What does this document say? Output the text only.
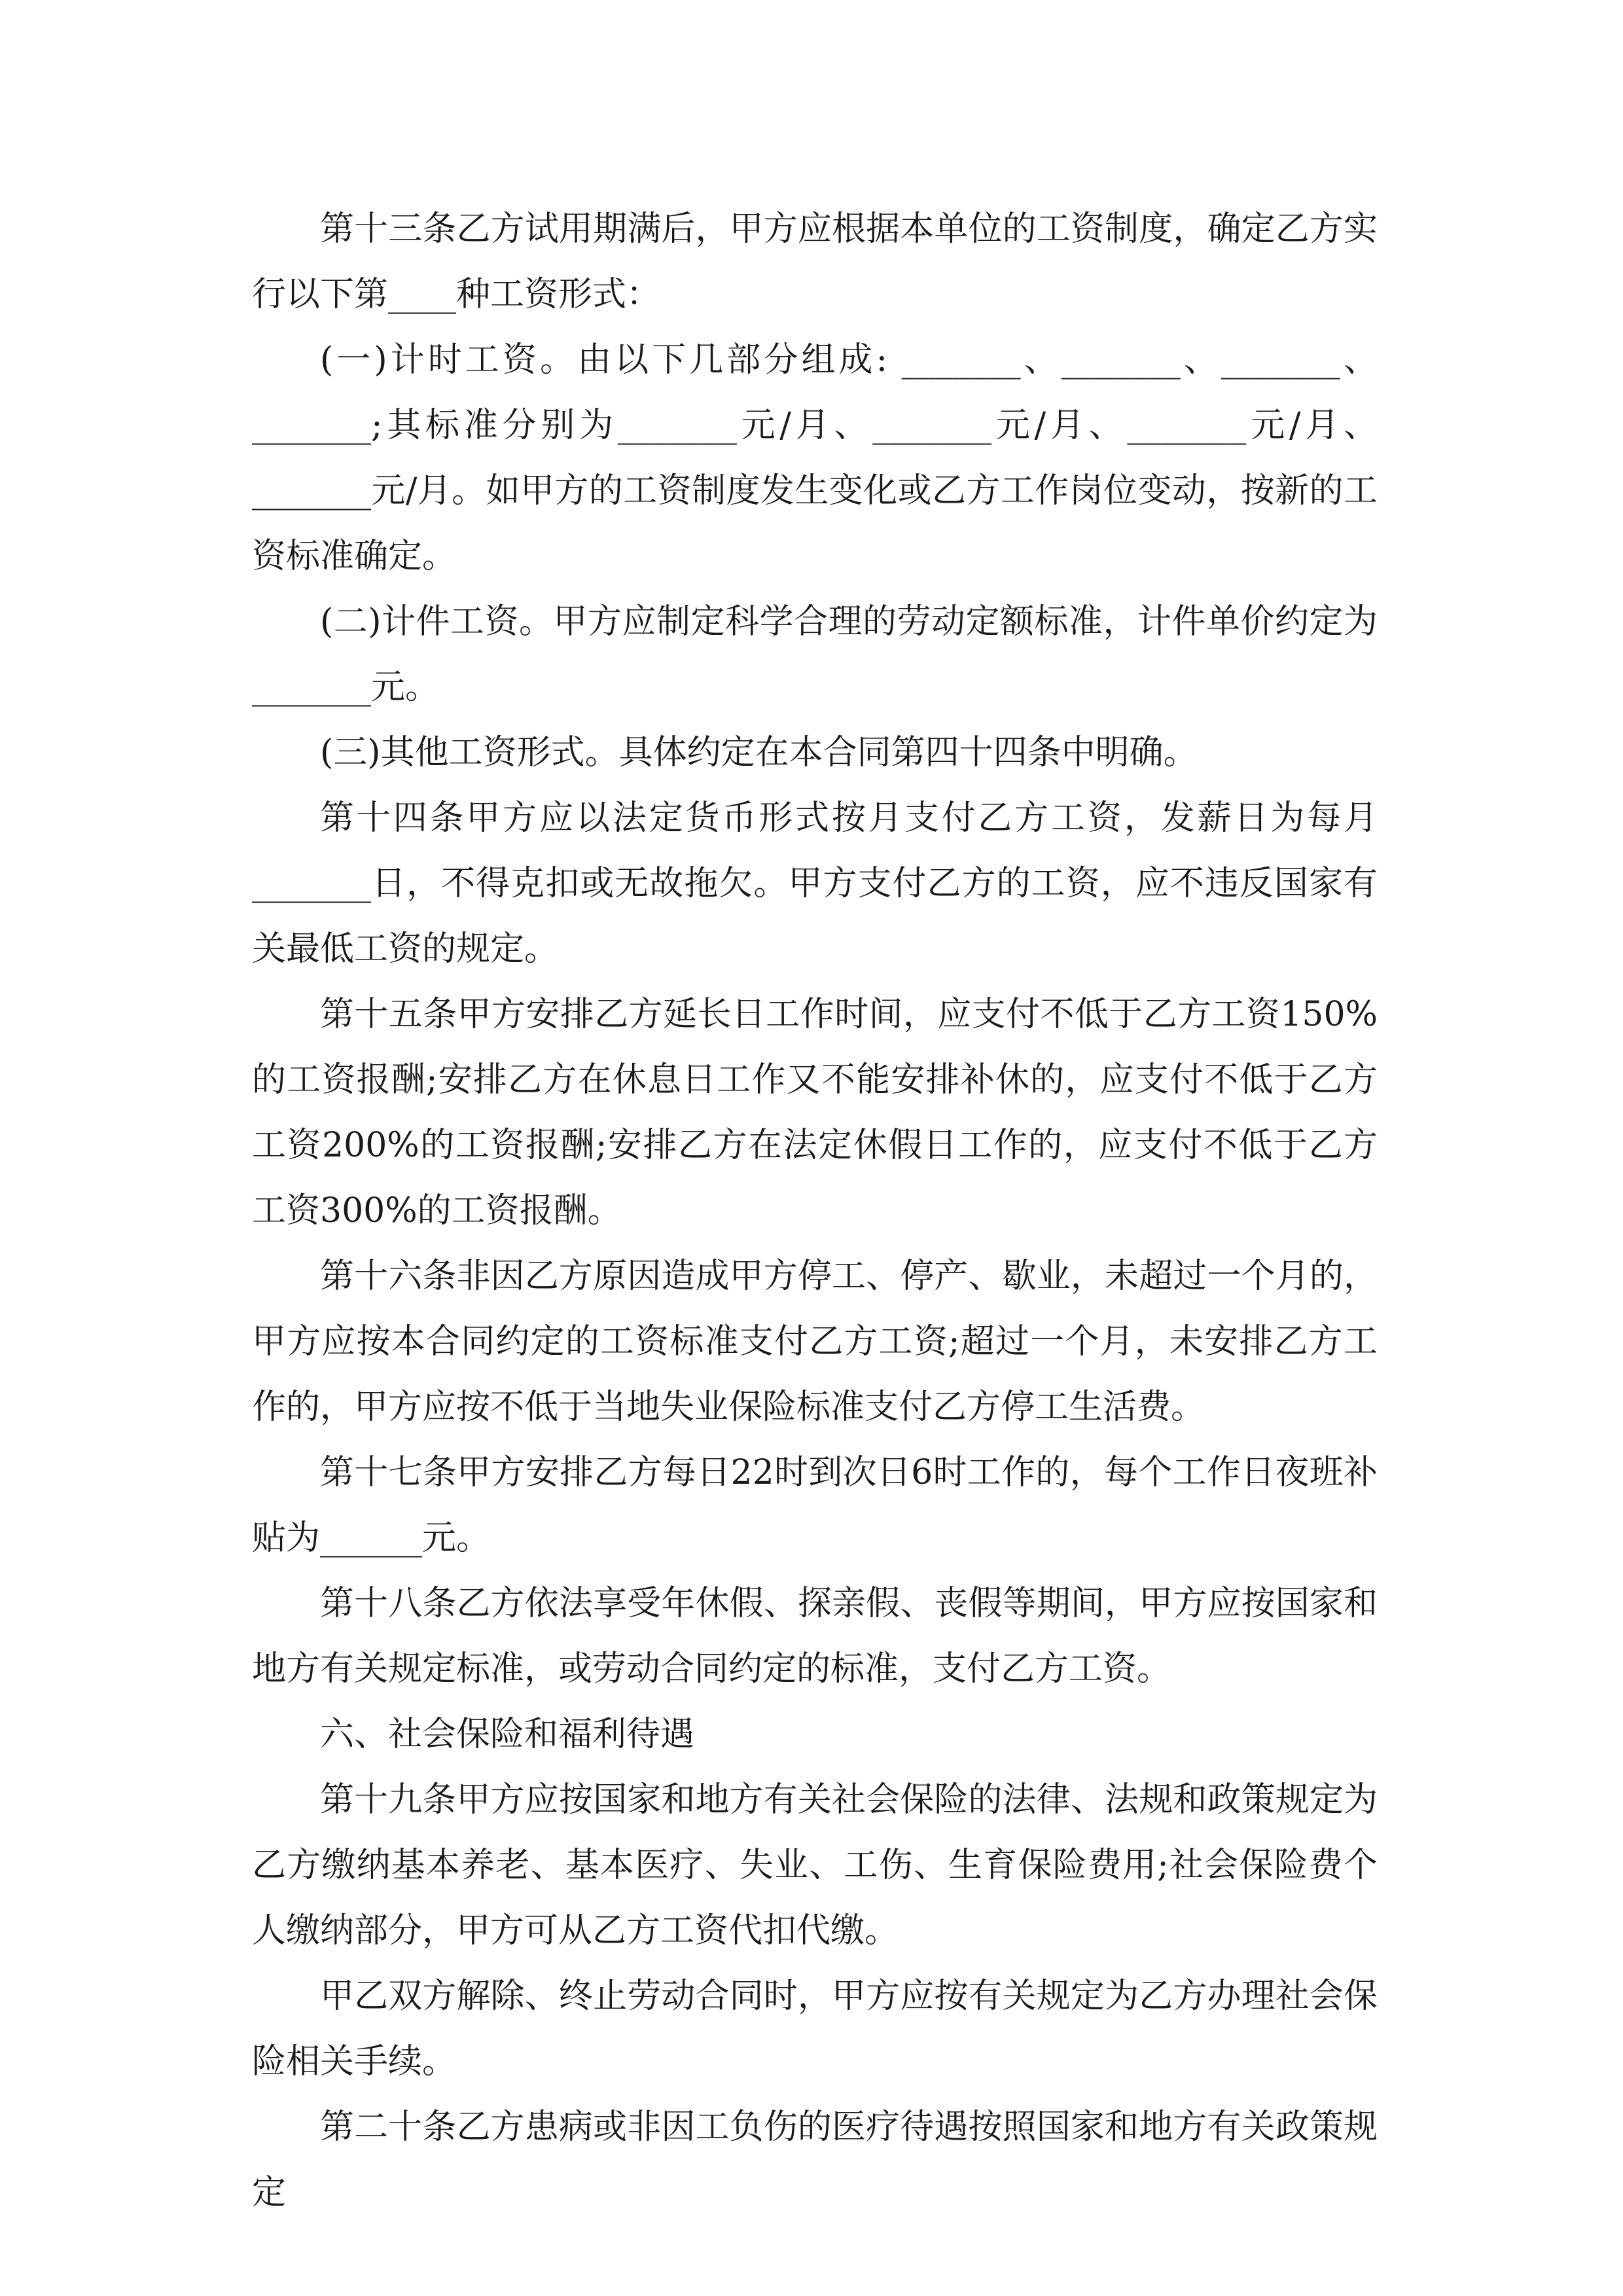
第十三条乙方试用期满后，甲方应根据本单位的工资制度，确定乙方实行以下第____种工资形式：

(一)计时工资。由以下几部分组成: _______、_______、_______、_______;其标准分别为_______元/月、_______元/月、_______元/月、_______元/月。如甲方的工资制度发生变化或乙方工作岗位变动，按新的工资标准确定。

(二)计件工资。甲方应制定科学合理的劳动定额标准，计件单价约定为_______元。

(三)其他工资形式。具体约定在本合同第四十四条中明确。

第十四条甲方应以法定货币形式按月支付乙方工资，发薪日为每月_______日，不得克扣或无故拖欠。甲方支付乙方的工资，应不违反国家有关最低工资的规定。

第十五条甲方安排乙方延长日工作时间，应支付不低于乙方工资150%的工资报酬;安排乙方在休息日工作又不能安排补休的，应支付不低于乙方工资200%的工资报酬;安排乙方在法定休假日工作的，应支付不低于乙方工资300%的工资报酬。

第十六条非因乙方原因造成甲方停工、停产、歇业，未超过一个月的，甲方应按本合同约定的工资标准支付乙方工资;超过一个月，未安排乙方工作的，甲方应按不低于当地失业保险标准支付乙方停工生活费。

第十七条甲方安排乙方每日22时到次日6时工作的，每个工作日夜班补贴为______元。

第十八条乙方依法享受年休假、探亲假、丧假等期间，甲方应按国家和地方有关规定标准，或劳动合同约定的标准，支付乙方工资。

六、社会保险和福利待遇

第十九条甲方应按国家和地方有关社会保险的法律、法规和政策规定为乙方缴纳基本养老、基本医疗、失业、工伤、生育保险费用;社会保险费个人缴纳部分，甲方可从乙方工资代扣代缴。

甲乙双方解除、终止劳动合同时，甲方应按有关规定为乙方办理社会保险相关手续。

第二十条乙方患病或非因工负伤的医疗待遇按照国家和地方有关政策规定
